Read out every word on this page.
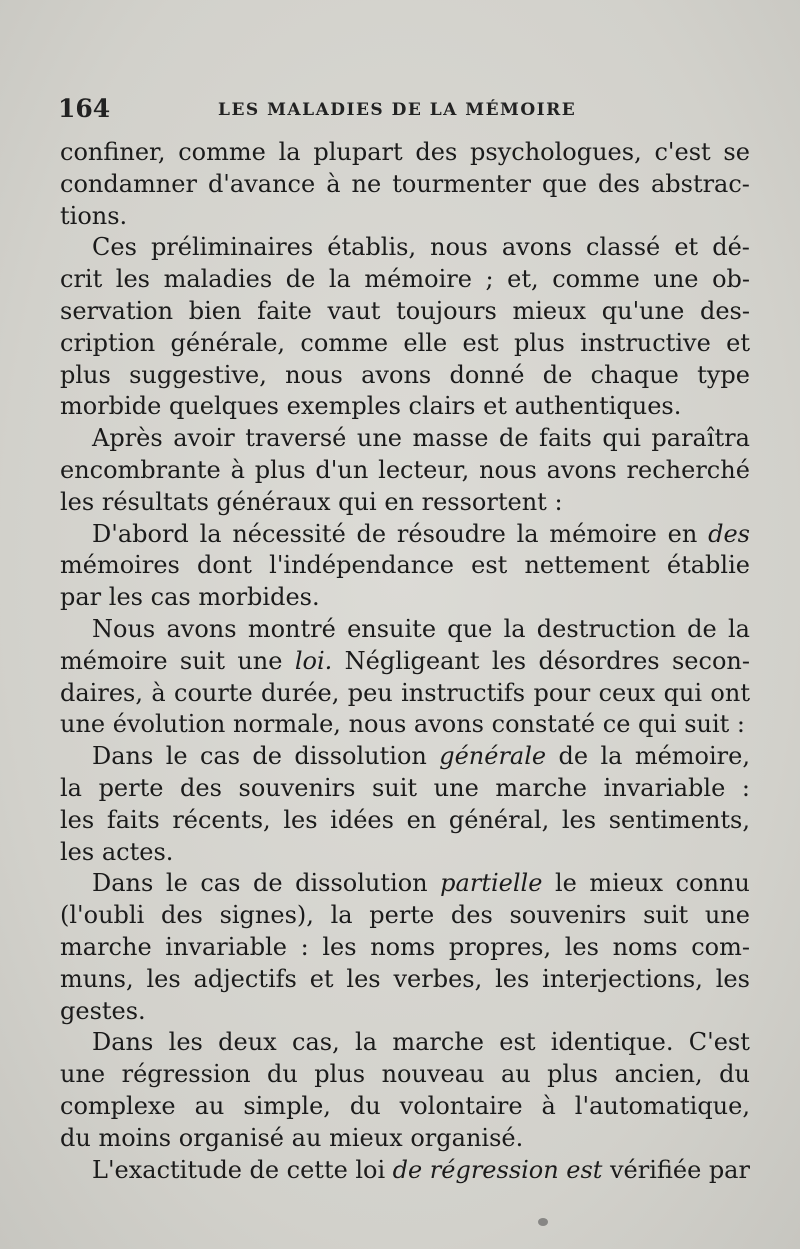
164	LES MALADIES DE LA MÉMOIRE
confiner, comme la plupart des psychologues, c'est se
condamner d'avance à ne tourmenter que des abstrac-
tions.
Ces préliminaires établis, nous avons classé et dé-
crit les maladies de la mémoire ; et, comme une ob-
servation bien faite vaut toujours mieux qu'une des-
cription générale, comme elle est plus instructive et
plus suggestive, nous avons donné de chaque type
morbide
quelques
exemples
clairs
et
authentiques.
Après avoir traversé une masse de faits qui paraîtra
encombrante à plus d'un lecteur, nous avons recherché
les
résultats
généraux
qui
en
ressortent
:
D'abord la nécessité de résoudre la mémoire en des
mémoires dont l'indépendance est nettement établie
par
les
cas
morbides.
Nous avons montré ensuite que la destruction de la
mémoire suit une loi. Négligeant les désordres secon-
daires, à courte durée, peu instructifs pour ceux qui ont
une
évolution
normale,
nous
avons
constaté
ce
qui
suit
:
Dans le cas de dissolution générale de la mémoire,
la perte des souvenirs suit une marche invariable :
les faits récents, les idées en général, les sentiments,
les
actes.
Dans le cas de dissolution partielle le mieux connu
(l'oubli des signes), la perte des souvenirs suit une
marche invariable : les noms propres, les noms com-
muns, les adjectifs et les verbes, les interjections, les
gestes.
Dans les deux cas, la marche est identique. C'est
une régression du plus nouveau au plus ancien, du
complexe au simple, du volontaire à l'automatique,
du
moins
organisé
au
mieux
organisé.
L'exactitude de cette loi de régression est vérifiée par
